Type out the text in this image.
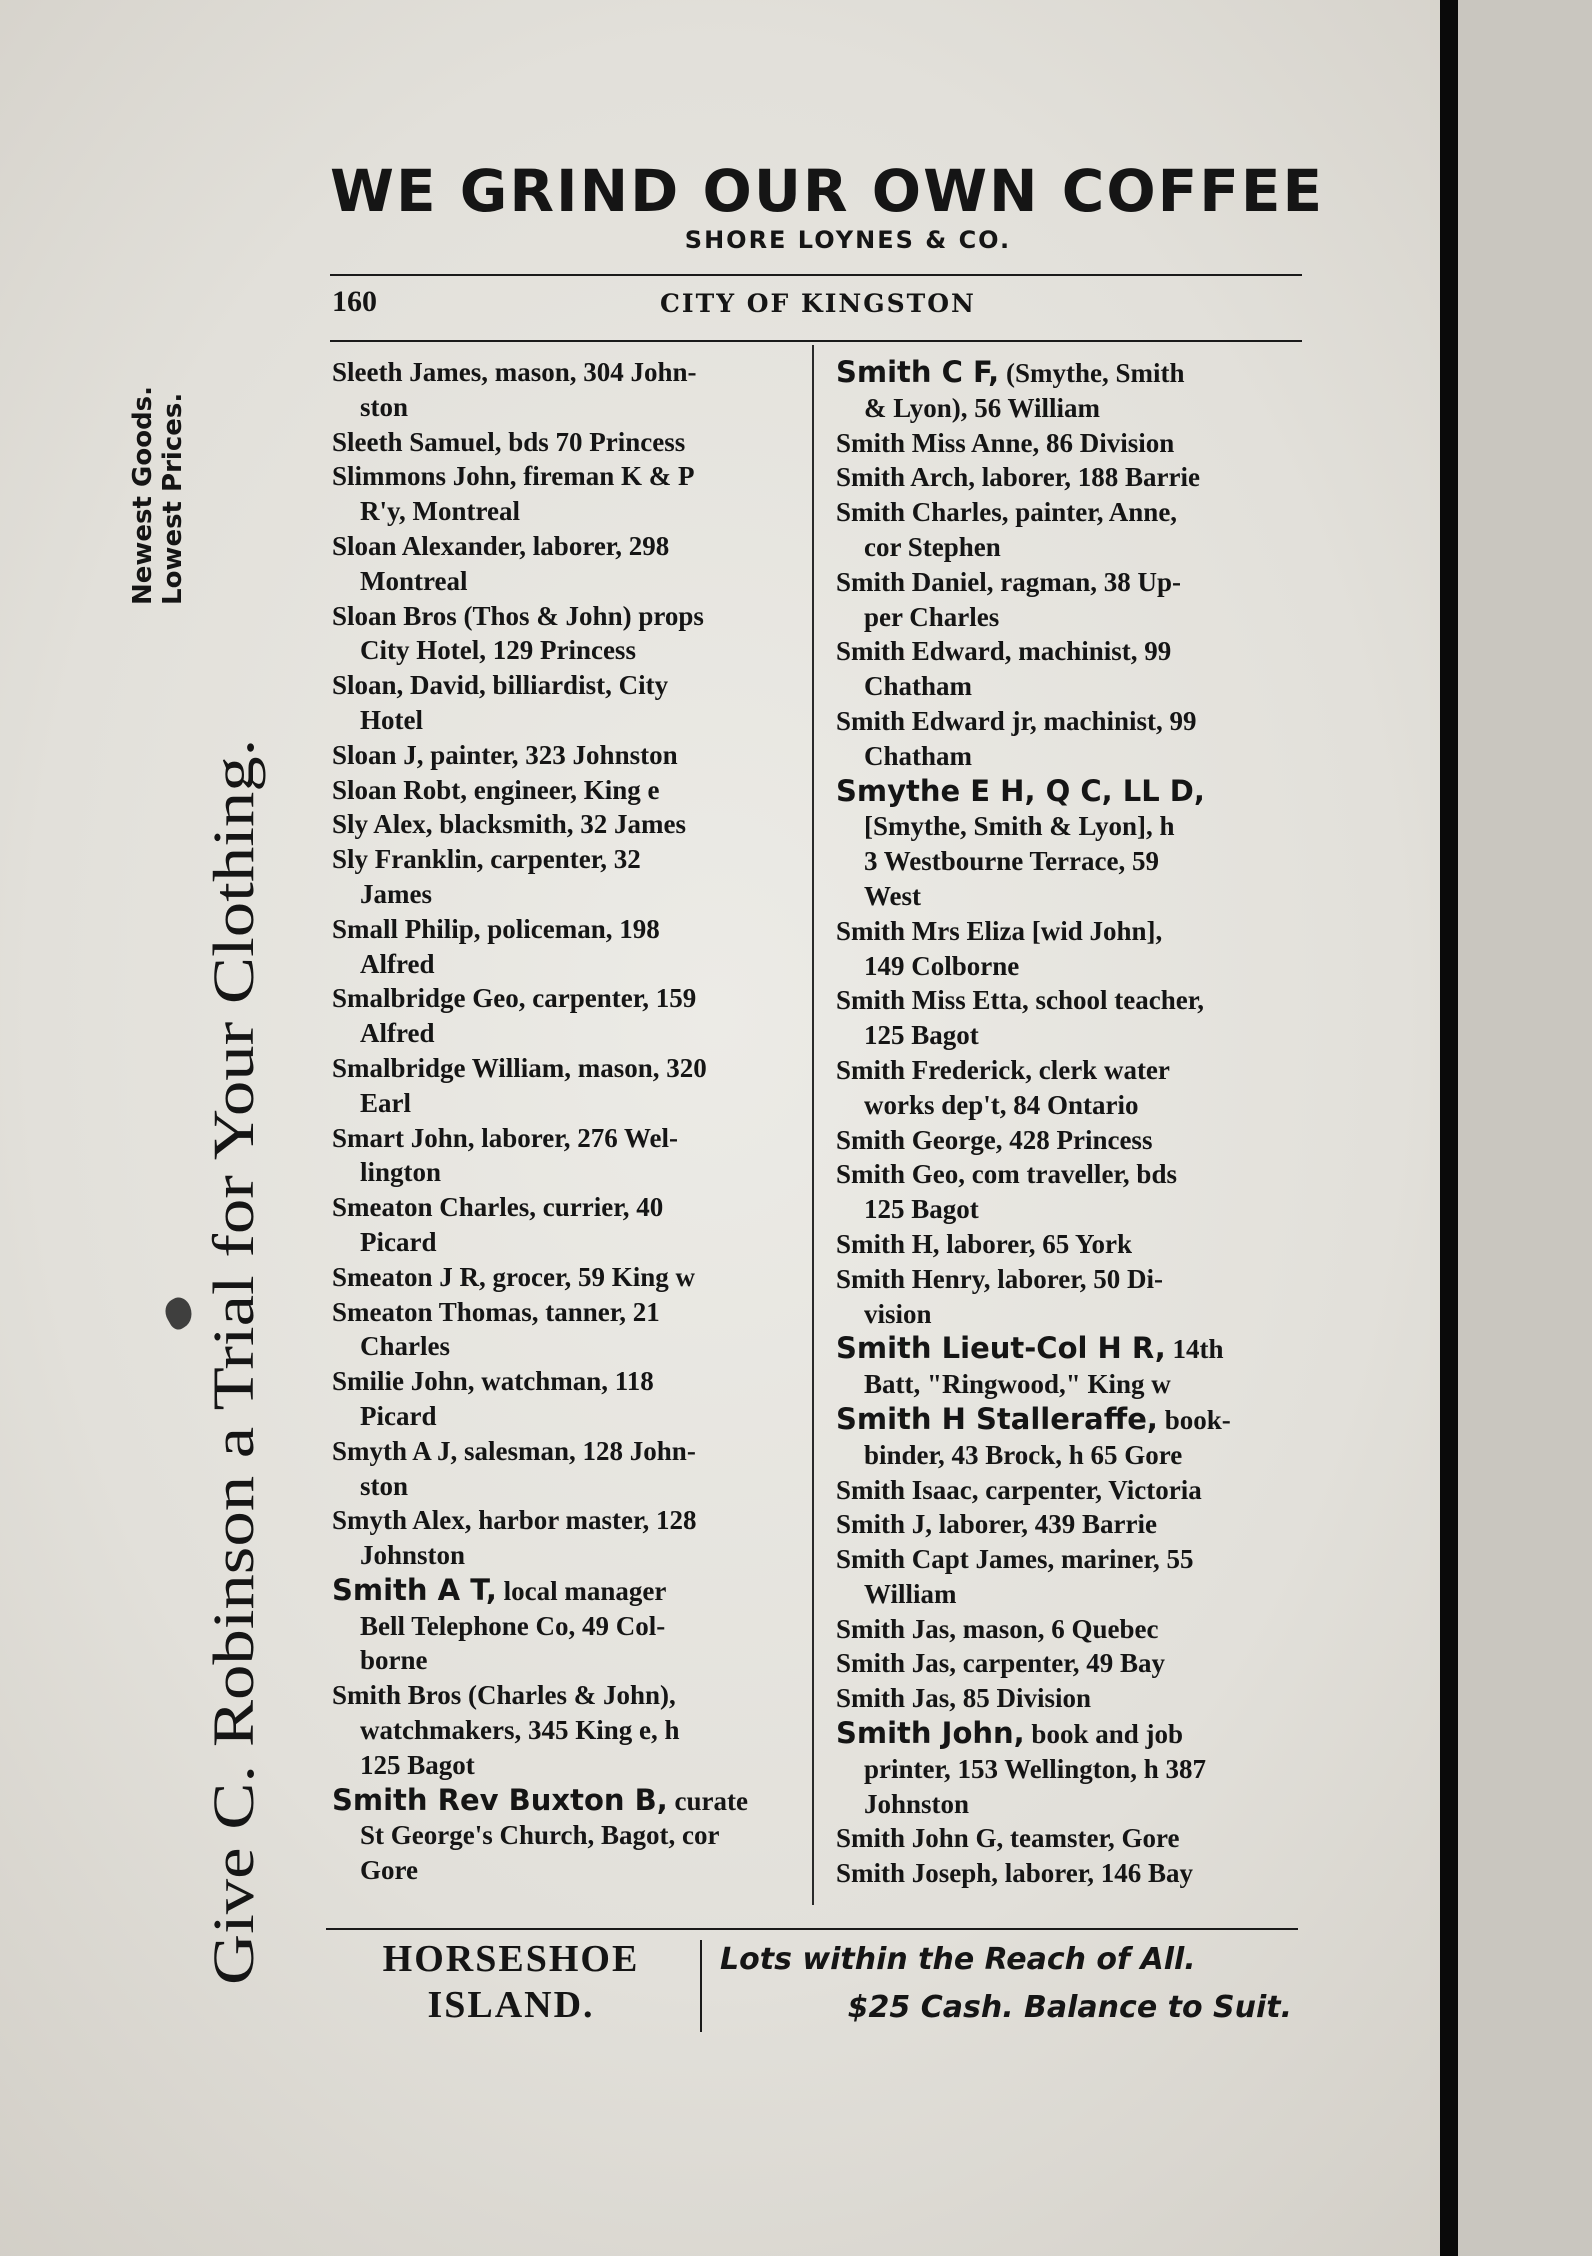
WE GRIND OUR OWN COFFEE
SHORE LOYNES & CO.
160	CITY OF KINGSTON
Give C. Robinson a Trial for Your Clothing.
Newest Goods. Lowest Prices.
Sleeth James, mason, 304 John-
ston
Sleeth Samuel, bds 70 Princess
Slimmons John, fireman K & P
R'y, Montreal
Sloan Alexander, laborer, 298
Montreal
Sloan Bros (Thos & John) props
City Hotel, 129 Princess
Sloan, David, billiardist, City
Hotel
Sloan J, painter, 323 Johnston
Sloan Robt, engineer, King e
Sly Alex, blacksmith, 32 James
Sly Franklin, carpenter, 32
James
Small Philip, policeman, 198
Alfred
Smalbridge Geo, carpenter, 159
Alfred
Smalbridge William, mason, 320
Earl
Smart John, laborer, 276 Wel-
lington
Smeaton Charles, currier, 40
Picard
Smeaton J R, grocer, 59 King w
Smeaton Thomas, tanner, 21
Charles
Smilie John, watchman, 118
Picard
Smyth A J, salesman, 128 John-
ston
Smyth Alex, harbor master, 128
Johnston
Smith A T, local manager
Bell Telephone Co, 49 Col-
borne
Smith Bros (Charles & John),
watchmakers, 345 King e, h
125 Bagot
Smith Rev Buxton B, curate
St George's Church, Bagot, cor
Gore
Smith C F, (Smythe, Smith
& Lyon), 56 William
Smith Miss Anne, 86 Division
Smith Arch, laborer, 188 Barrie
Smith Charles, painter, Anne,
cor Stephen
Smith Daniel, ragman, 38 Up-
per Charles
Smith Edward, machinist, 99
Chatham
Smith Edward jr, machinist, 99
Chatham
Smythe E H, Q C, LL D,
[Smythe, Smith & Lyon], h
3 Westbourne Terrace, 59
West
Smith Mrs Eliza [wid John],
149 Colborne
Smith Miss Etta, school teacher,
125 Bagot
Smith Frederick, clerk water
works dep't, 84 Ontario
Smith George, 428 Princess
Smith Geo, com traveller, bds
125 Bagot
Smith H, laborer, 65 York
Smith Henry, laborer, 50 Di-
vision
Smith Lieut-Col H R, 14th
Batt, "Ringwood," King w
Smith H Stalleraffe, book-
binder, 43 Brock, h 65 Gore
Smith Isaac, carpenter, Victoria
Smith J, laborer, 439 Barrie
Smith Capt James, mariner, 55
William
Smith Jas, mason, 6 Quebec
Smith Jas, carpenter, 49 Bay
Smith Jas, 85 Division
Smith John, book and job
printer, 153 Wellington, h 387
Johnston
Smith John G, teamster, Gore
Smith Joseph, laborer, 146 Bay
HORSESHOE
ISLAND.
Lots within the Reach of All.
$25 Cash. Balance to Suit.
